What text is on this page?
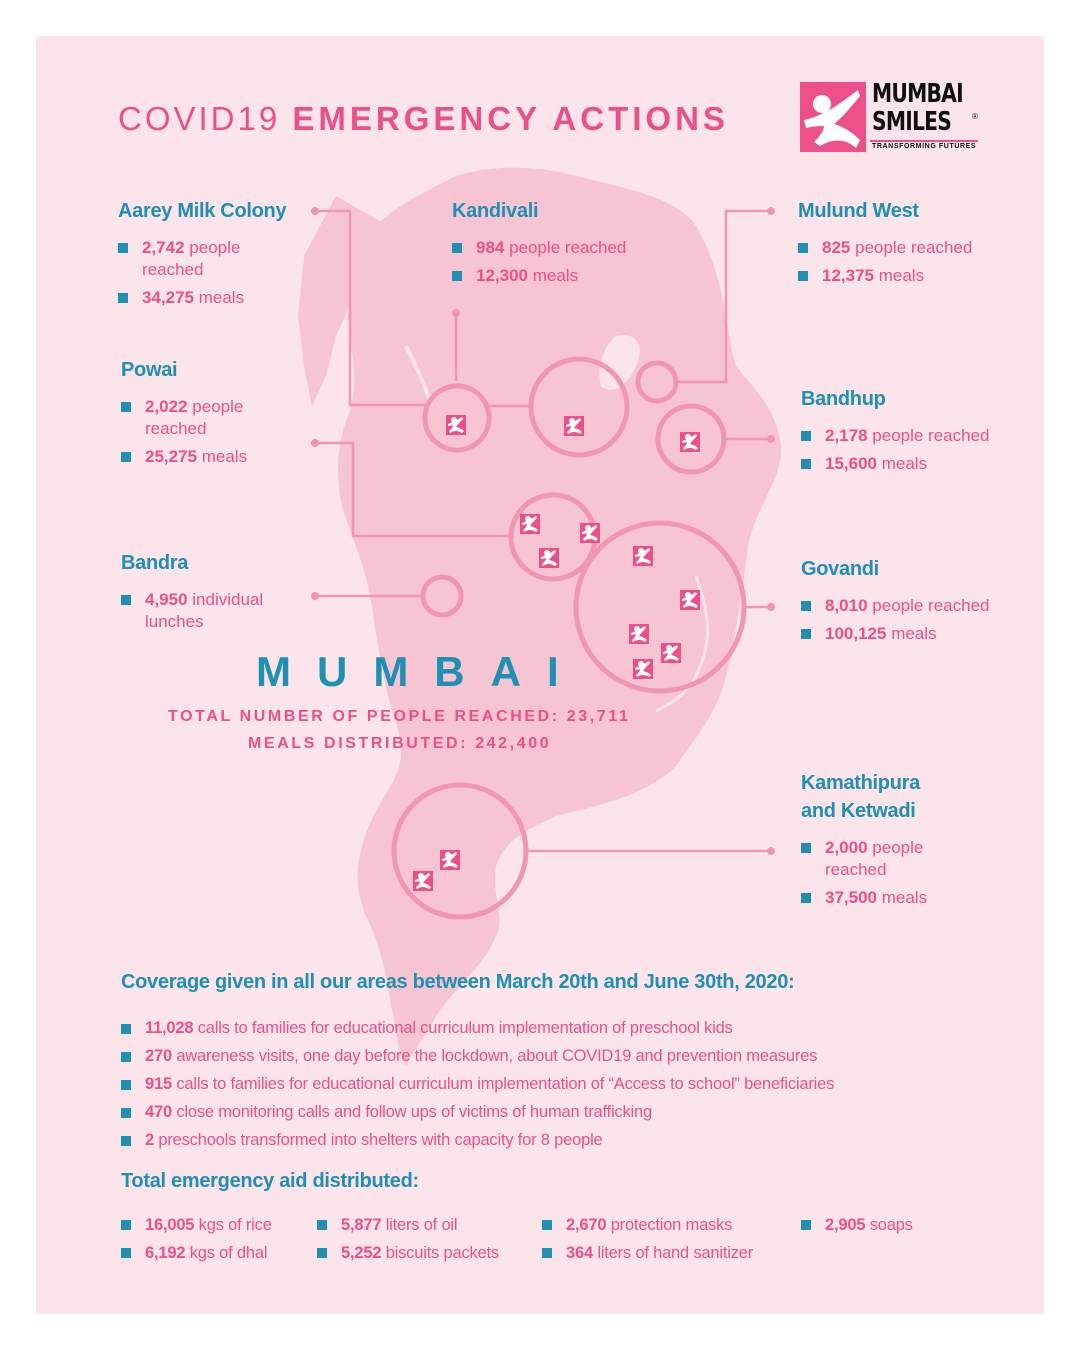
COVID19 EMERGENCY ACTIONS
MUMBAI
SMILES	®
TRANSFORMING FUTURES
Aarey Milk Colony
2,742 people reached
34,275 meals
Kandivali
984 people reached
12,300 meals
Mulund West
825 people reached
12,375 meals
Powai
2,022 people reached
25,275 meals
Bandhup
2,178 people reached
15,600 meals
Bandra
4,950 individual lunches
Govandi
8,010 people reached
100,125 meals
Kamathipura
and Ketwadi
2,000 people reached
37,500 meals
MUMBAI
TOTAL NUMBER OF PEOPLE REACHED: 23,711
MEALS DISTRIBUTED: 242,400
Coverage given in all our areas between March 20th and June 30th, 2020:
11,028 calls to families for educational curriculum implementation of preschool kids
270 awareness visits, one day before the lockdown, about COVID19 and prevention measures
915 calls to families for educational curriculum implementation of “Access to school” beneficiaries
470 close monitoring calls and follow ups of victims of human trafficking
2 preschools transformed into shelters with capacity for 8 people
Total emergency aid distributed:
16,005 kgs of rice
6,192 kgs of dhal
5,877 liters of oil
5,252 biscuits packets
2,670 protection masks
364 liters of hand sanitizer
2,905 soaps
